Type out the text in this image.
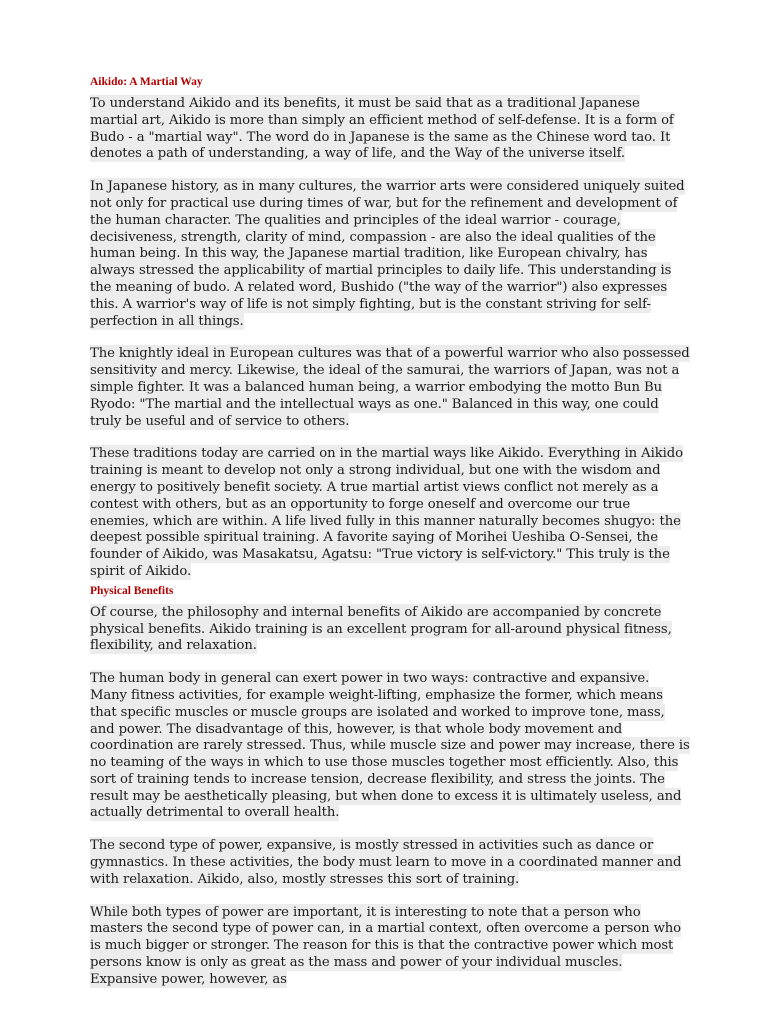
Aikido: A Martial Way

To understand Aikido and its benefits, it must be said that as a traditional Japanese martial art, Aikido is more than simply an efficient method of self-defense. It is a form of Budo - a "martial way". The word do in Japanese is the same as the Chinese word tao. It denotes a path of understanding, a way of life, and the Way of the universe itself.

In Japanese history, as in many cultures, the warrior arts were considered uniquely suited not only for practical use during times of war, but for the refinement and development of the human character. The qualities and principles of the ideal warrior - courage, decisiveness, strength, clarity of mind, compassion - are also the ideal qualities of the human being. In this way, the Japanese martial tradition, like European chivalry, has always stressed the applicability of martial principles to daily life. This understanding is the meaning of budo. A related word, Bushido ("the way of the warrior") also expresses this. A warrior's way of life is not simply fighting, but is the constant striving for self-perfection in all things.

The knightly ideal in European cultures was that of a powerful warrior who also possessed sensitivity and mercy. Likewise, the ideal of the samurai, the warriors of Japan, was not a simple fighter. It was a balanced human being, a warrior embodying the motto Bun Bu Ryodo: "The martial and the intellectual ways as one." Balanced in this way, one could truly be useful and of service to others.

These traditions today are carried on in the martial ways like Aikido. Everything in Aikido training is meant to develop not only a strong individual, but one with the wisdom and energy to positively benefit society. A true martial artist views conflict not merely as a contest with others, but as an opportunity to forge oneself and overcome our true enemies, which are within. A life lived fully in this manner naturally becomes shugyo: the deepest possible spiritual training. A favorite saying of Morihei Ueshiba O-Sensei, the founder of Aikido, was Masakatsu, Agatsu: "True victory is self-victory." This truly is the spirit of Aikido.

Physical Benefits

Of course, the philosophy and internal benefits of Aikido are accompanied by concrete physical benefits. Aikido training is an excellent program for all-around physical fitness, flexibility, and relaxation.

The human body in general can exert power in two ways: contractive and expansive. Many fitness activities, for example weight-lifting, emphasize the former, which means that specific muscles or muscle groups are isolated and worked to improve tone, mass, and power. The disadvantage of this, however, is that whole body movement and coordination are rarely stressed. Thus, while muscle size and power may increase, there is no teaming of the ways in which to use those muscles together most efficiently. Also, this sort of training tends to increase tension, decrease flexibility, and stress the joints. The result may be aesthetically pleasing, but when done to excess it is ultimately useless, and actually detrimental to overall health.

The second type of power, expansive, is mostly stressed in activities such as dance or gymnastics. In these activities, the body must learn to move in a coordinated manner and with relaxation. Aikido, also, mostly stresses this sort of training.

While both types of power are important, it is interesting to note that a person who masters the second type of power can, in a martial context, often overcome a person who is much bigger or stronger. The reason for this is that the contractive power which most persons know is only as great as the mass and power of your individual muscles. Expansive power, however, as
